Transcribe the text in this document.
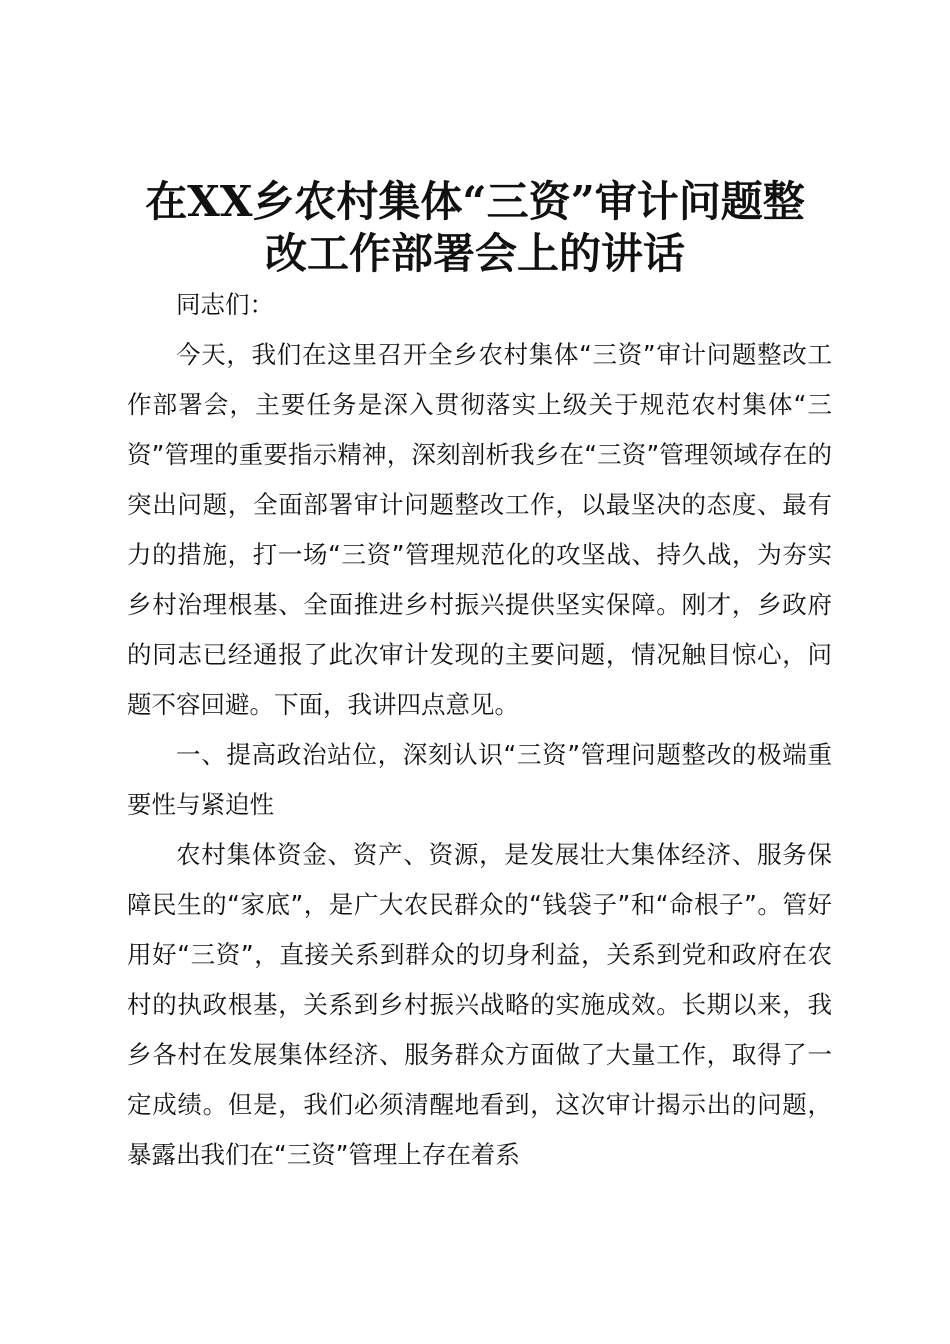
在XX乡农村集体“三资”审计问题整
改工作部署会上的讲话

同志们：

今天，我们在这里召开全乡农村集体“三资”审计问题整改工作部署会，主要任务是深入贯彻落实上级关于规范农村集体“三资”管理的重要指示精神，深刻剖析我乡在“三资”管理领域存在的突出问题，全面部署审计问题整改工作，以最坚决的态度、最有力的措施，打一场“三资”管理规范化的攻坚战、持久战，为夯实乡村治理根基、全面推进乡村振兴提供坚实保障。刚才，乡政府的同志已经通报了此次审计发现的主要问题，情况触目惊心，问题不容回避。下面，我讲四点意见。

一、提高政治站位，深刻认识“三资”管理问题整改的极端重要性与紧迫性

农村集体资金、资产、资源，是发展壮大集体经济、服务保障民生的“家底”，是广大农民群众的“钱袋子”和“命根子”。管好用好“三资”，直接关系到群众的切身利益，关系到党和政府在农村的执政根基，关系到乡村振兴战略的实施成效。长期以来，我乡各村在发展集体经济、服务群众方面做了大量工作，取得了一定成绩。但是，我们必须清醒地看到，这次审计揭示出的问题，暴露出我们在“三资”管理上存在着系
